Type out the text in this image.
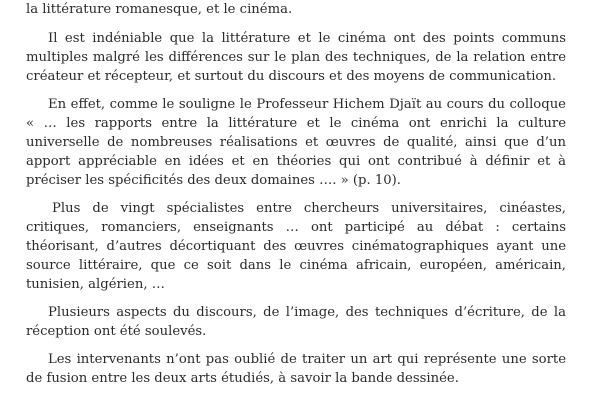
la littérature romanesque, et le cinéma.

Il est indéniable que la littérature et le cinéma ont des points communs multiples malgré les différences sur le plan des techniques, de la relation entre créateur et récepteur, et surtout du discours et des moyens de communication.

En effet, comme le souligne le Professeur Hichem Djaït au cours du colloque « … les rapports entre la littérature et le cinéma ont enrichi la culture universelle de nombreuses réalisations et œuvres de qualité, ainsi que d’un apport appréciable en idées et en théories qui ont contribué à définir et à préciser les spécificités des deux domaines …. » (p. 10).

Plus de vingt spécialistes entre chercheurs universitaires, cinéastes, critiques, romanciers, enseignants … ont participé au débat : certains théorisant, d’autres décortiquant des œuvres cinématographiques ayant une source littéraire, que ce soit dans le cinéma africain, européen, américain, tunisien, algérien, …

Plusieurs aspects du discours, de l’image, des techniques d’écriture, de la réception ont été soulevés.

Les intervenants n’ont pas oublié de traiter un art qui représente une sorte de fusion entre les deux arts étudiés, à savoir la bande dessinée.
